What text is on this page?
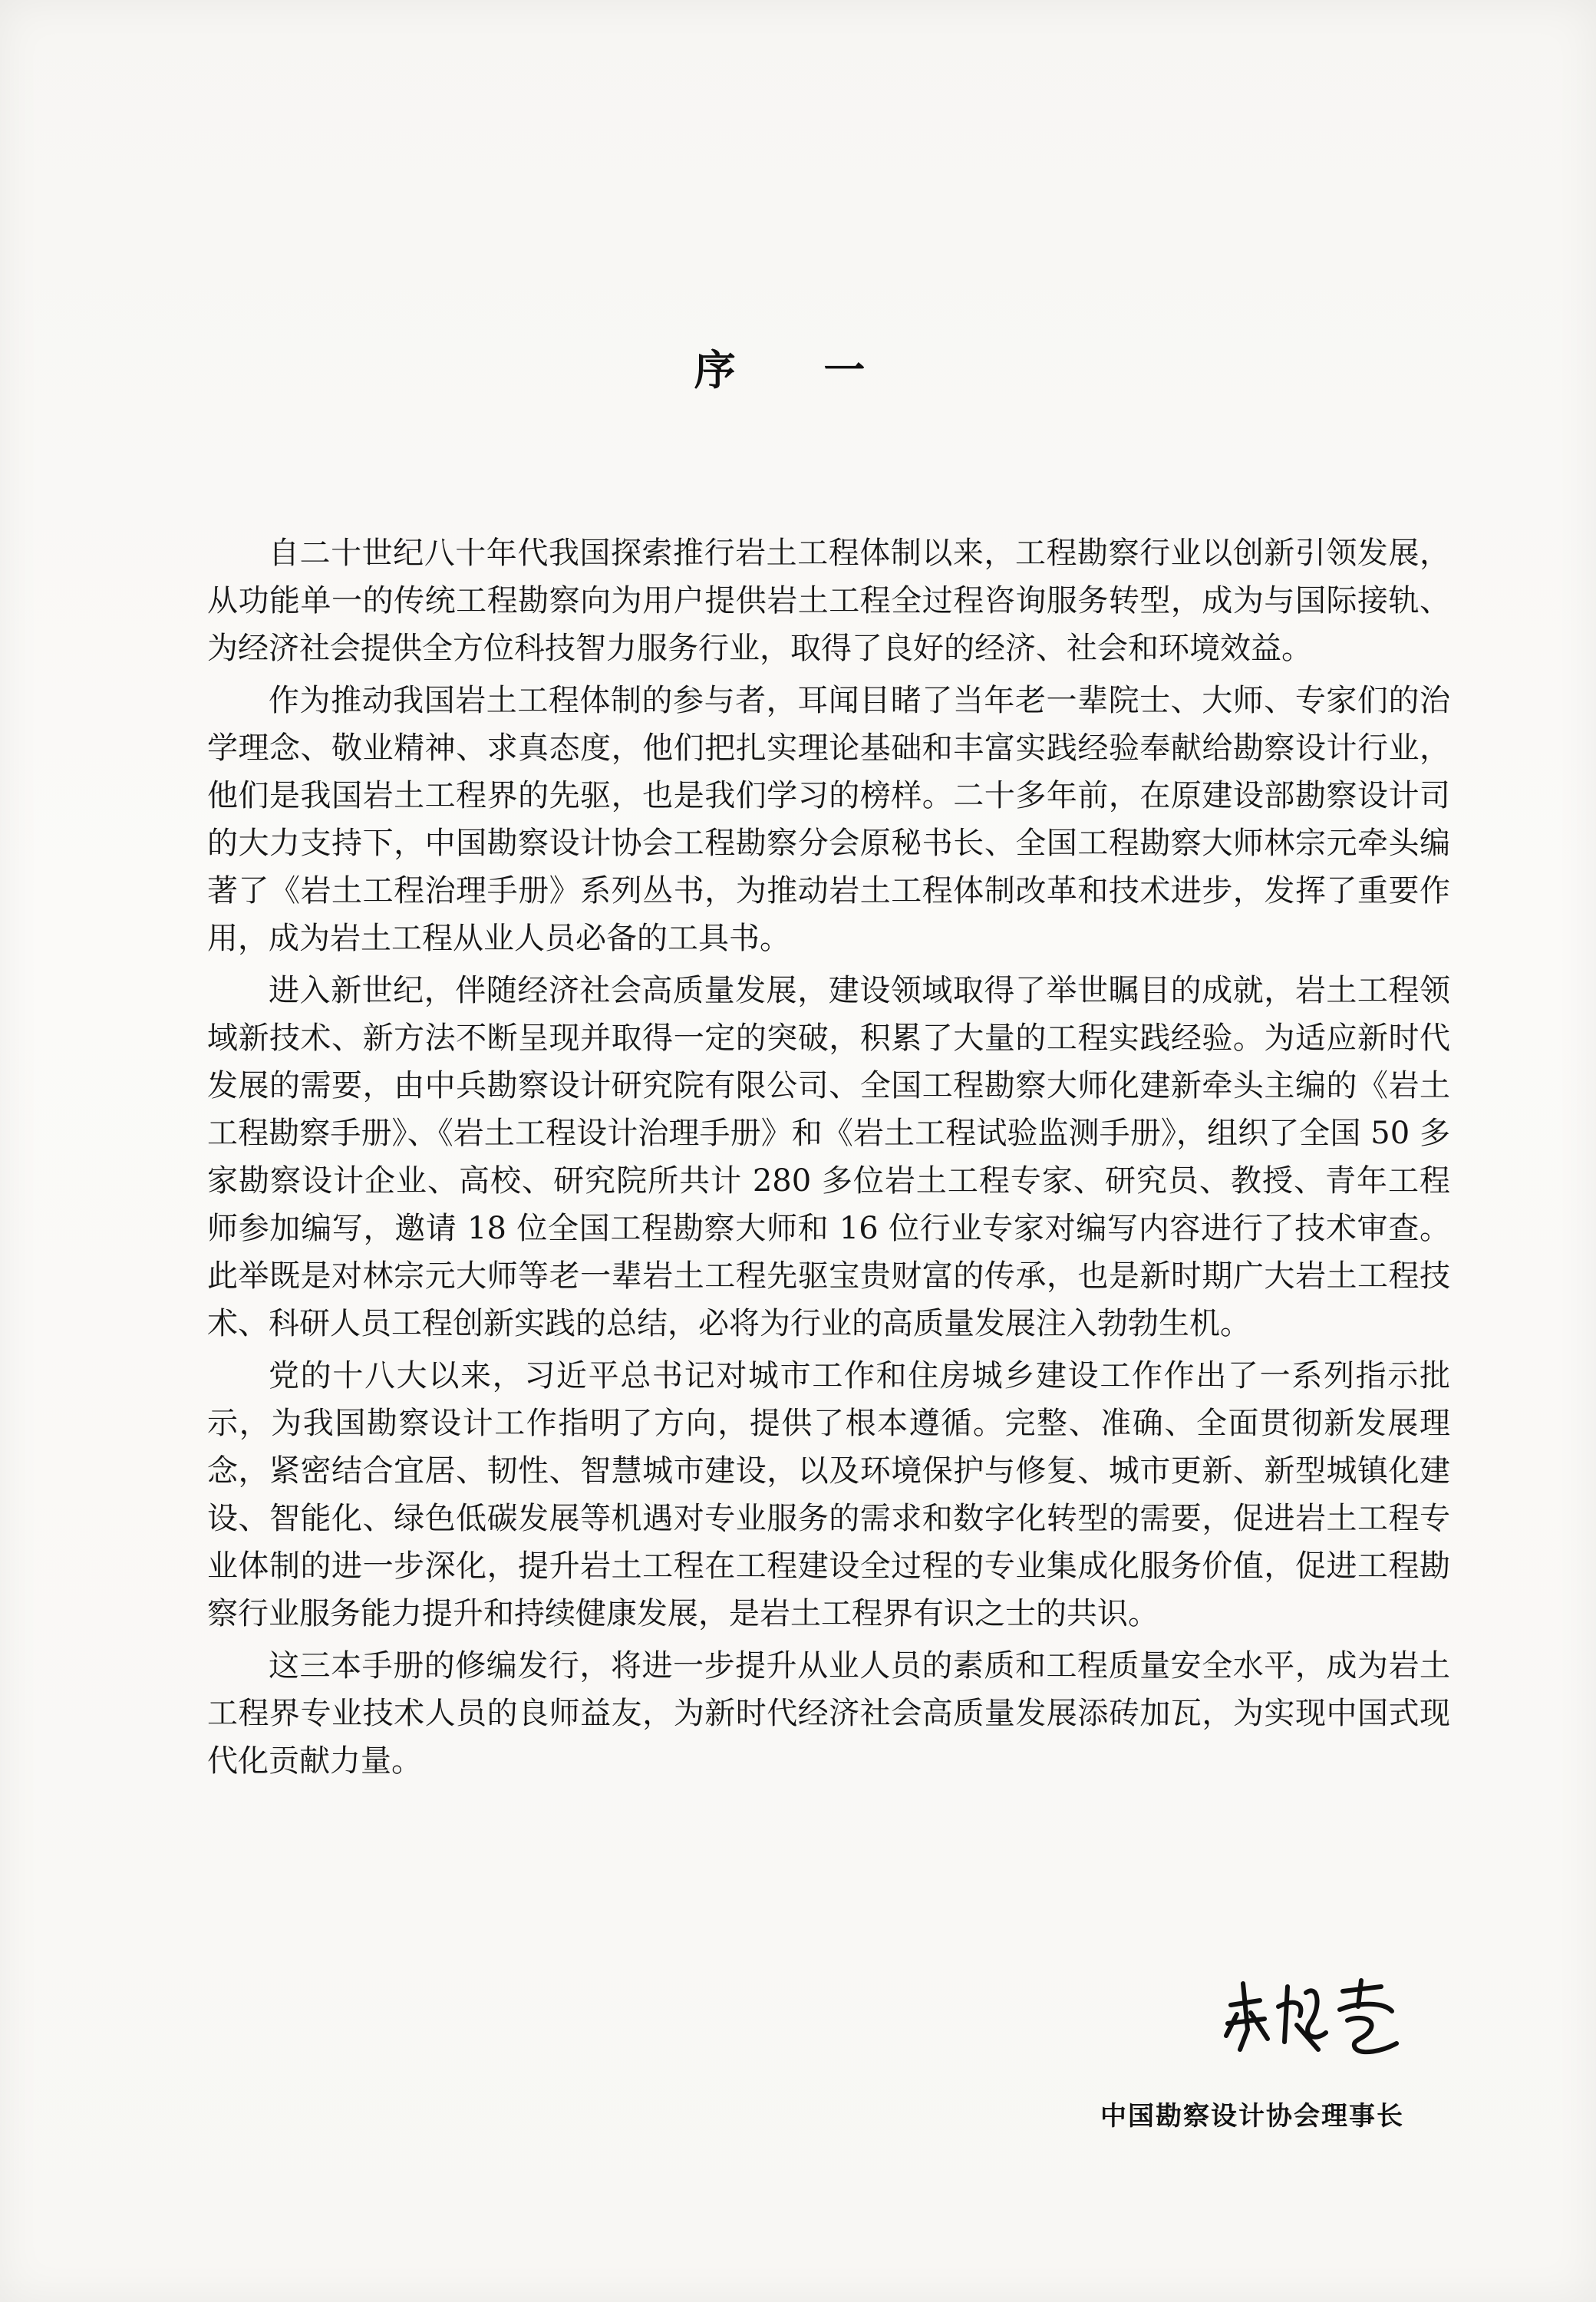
序 一

自二十世纪八十年代我国探索推行岩土工程体制以来，工程勘察行业以创新引领发展，从功能单一的传统工程勘察向为用户提供岩土工程全过程咨询服务转型，成为与国际接轨、为经济社会提供全方位科技智力服务行业，取得了良好的经济、社会和环境效益。

作为推动我国岩土工程体制的参与者，耳闻目睹了当年老一辈院士、大师、专家们的治学理念、敬业精神、求真态度，他们把扎实理论基础和丰富实践经验奉献给勘察设计行业，他们是我国岩土工程界的先驱，也是我们学习的榜样。二十多年前，在原建设部勘察设计司的大力支持下，中国勘察设计协会工程勘察分会原秘书长、全国工程勘察大师林宗元牵头编著了《岩土工程治理手册》系列丛书，为推动岩土工程体制改革和技术进步，发挥了重要作用，成为岩土工程从业人员必备的工具书。

进入新世纪，伴随经济社会高质量发展，建设领域取得了举世瞩目的成就，岩土工程领域新技术、新方法不断呈现并取得一定的突破，积累了大量的工程实践经验。为适应新时代发展的需要，由中兵勘察设计研究院有限公司、全国工程勘察大师化建新牵头主编的《岩土工程勘察手册》、《岩土工程设计治理手册》和《岩土工程试验监测手册》，组织了全国 50 多家勘察设计企业、高校、研究院所共计 280 多位岩土工程专家、研究员、教授、青年工程师参加编写，邀请 18 位全国工程勘察大师和 16 位行业专家对编写内容进行了技术审查。此举既是对林宗元大师等老一辈岩土工程先驱宝贵财富的传承，也是新时期广大岩土工程技术、科研人员工程创新实践的总结，必将为行业的高质量发展注入勃勃生机。

党的十八大以来，习近平总书记对城市工作和住房城乡建设工作作出了一系列指示批示，为我国勘察设计工作指明了方向，提供了根本遵循。完整、准确、全面贯彻新发展理念，紧密结合宜居、韧性、智慧城市建设，以及环境保护与修复、城市更新、新型城镇化建设、智能化、绿色低碳发展等机遇对专业服务的需求和数字化转型的需要，促进岩土工程专业体制的进一步深化，提升岩土工程在工程建设全过程的专业集成化服务价值，促进工程勘察行业服务能力提升和持续健康发展，是岩土工程界有识之士的共识。

这三本手册的修编发行，将进一步提升从业人员的素质和工程质量安全水平，成为岩土工程界专业技术人员的良师益友，为新时代经济社会高质量发展添砖加瓦，为实现中国式现代化贡献力量。

中国勘察设计协会理事长
